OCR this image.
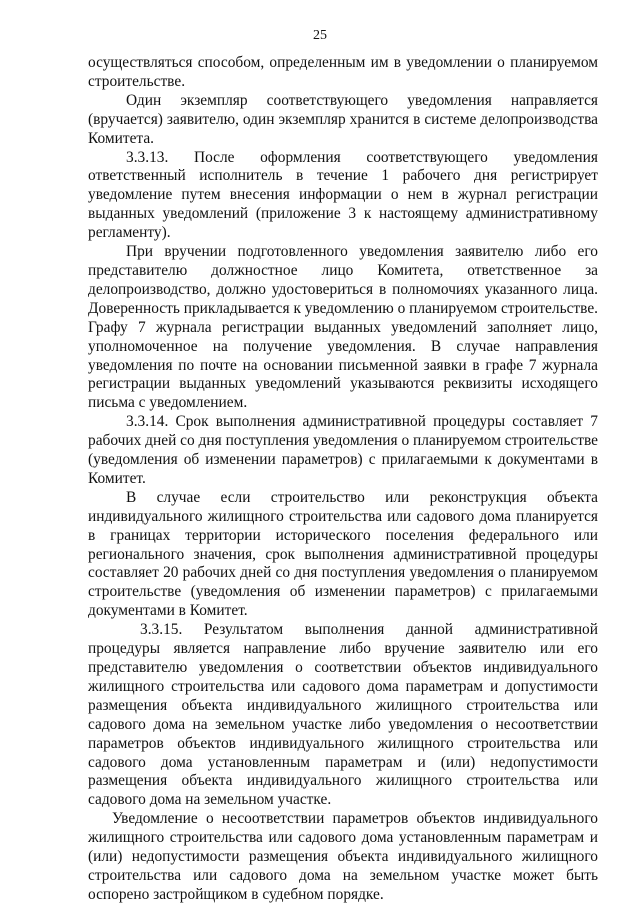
25

осуществляться способом, определенным им в уведомлении о планируемом строительстве.

Один экземпляр соответствующего уведомления направляется (вручается) заявителю, один экземпляр хранится в системе делопроизводства Комитета.

3.3.13. После оформления соответствующего уведомления ответственный исполнитель в течение 1 рабочего дня регистрирует уведомление путем внесения информации о нем в журнал регистрации выданных уведомлений (приложение 3 к настоящему административному регламенту).

При вручении подготовленного уведомления заявителю либо его представителю должностное лицо Комитета, ответственное за делопроизводство, должно удостовериться в полномочиях указанного лица. Доверенность прикладывается к уведомлению о планируемом строительстве. Графу 7 журнала регистрации выданных уведомлений заполняет лицо, уполномоченное на получение уведомления. В случае направления уведомления по почте на основании письменной заявки в графе 7 журнала регистрации выданных уведомлений указываются реквизиты исходящего письма с уведомлением.

3.3.14. Срок выполнения административной процедуры составляет 7 рабочих дней со дня поступления уведомления о планируемом строительстве (уведомления об изменении параметров) с прилагаемыми к документами в Комитет.

В случае если строительство или реконструкция объекта индивидуального жилищного строительства или садового дома планируется в границах территории исторического поселения федерального или регионального значения, срок выполнения административной процедуры составляет 20 рабочих дней со дня поступления уведомления о планируемом строительстве (уведомления об изменении параметров) с прилагаемыми документами в Комитет.

3.3.15. Результатом выполнения данной административной процедуры является направление либо вручение заявителю или его представителю уведомления о соответствии объектов индивидуального жилищного строительства или садового дома параметрам и допустимости размещения объекта индивидуального жилищного строительства или садового дома на земельном участке либо уведомления о несоответствии параметров объектов индивидуального жилищного строительства или садового дома установленным параметрам и (или) недопустимости размещения объекта индивидуального жилищного строительства или садового дома на земельном участке.

Уведомление о несоответствии параметров объектов индивидуального жилищного строительства или садового дома установленным параметрам и (или) недопустимости размещения объекта индивидуального жилищного строительства или садового дома на земельном участке может быть оспорено застройщиком в судебном порядке.
